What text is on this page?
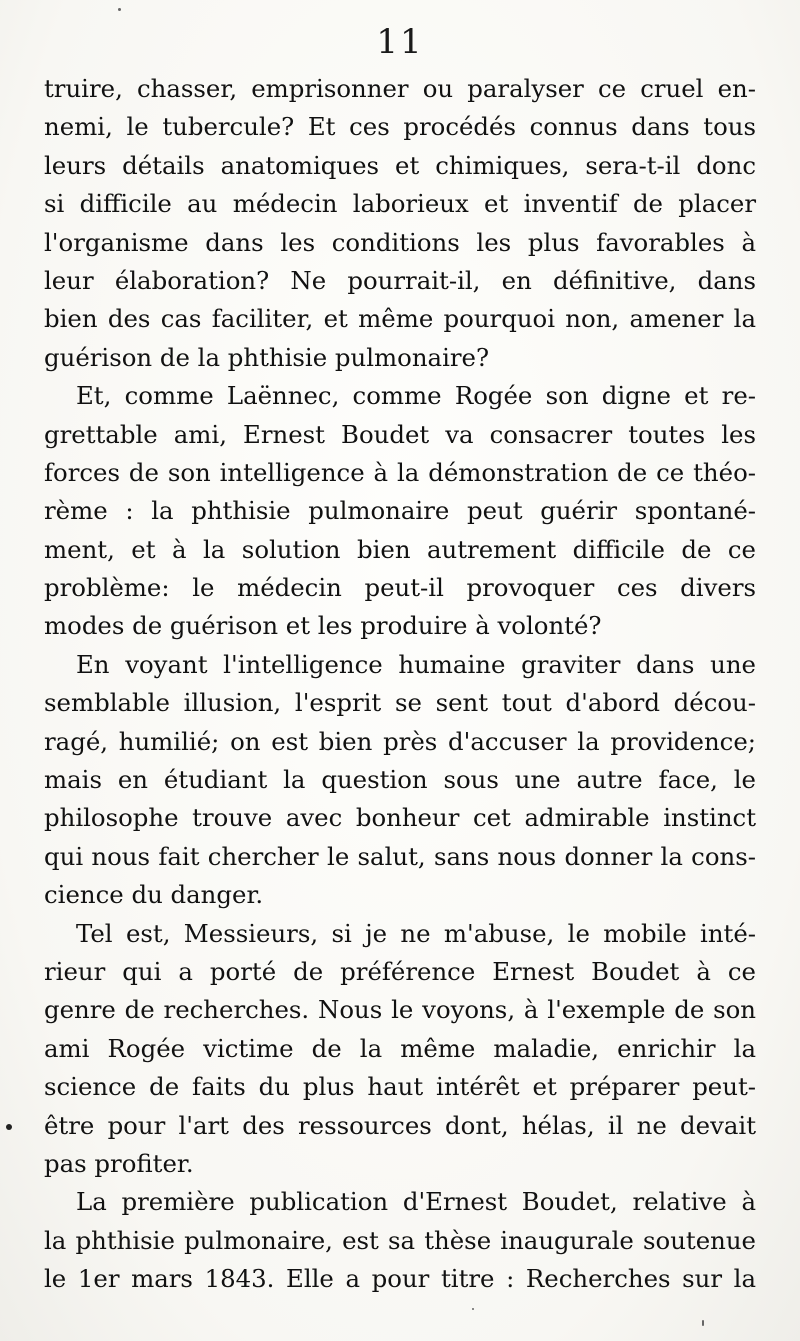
11
truire, chasser, emprisonner ou paralyser ce cruel en-
nemi, le tubercule? Et ces procédés connus dans tous
leurs détails anatomiques et chimiques, sera-t-il donc
si difficile au médecin laborieux et inventif de placer
l'organisme dans les conditions les plus favorables à
leur élaboration? Ne pourrait-il, en définitive, dans
bien des cas faciliter, et même pourquoi non, amener la
guérison de la phthisie pulmonaire?
Et, comme Laënnec, comme Rogée son digne et re-
grettable ami, Ernest Boudet va consacrer toutes les
forces de son intelligence à la démonstration de ce théo-
rème : la phthisie pulmonaire peut guérir spontané-
ment, et à la solution bien autrement difficile de ce
problème: le médecin peut-il provoquer ces divers
modes de guérison et les produire à volonté?
En voyant l'intelligence humaine graviter dans une
semblable illusion, l'esprit se sent tout d'abord décou-
ragé, humilié; on est bien près d'accuser la providence;
mais en étudiant la question sous une autre face, le
philosophe trouve avec bonheur cet admirable instinct
qui nous fait chercher le salut, sans nous donner la cons-
cience du danger.
Tel est, Messieurs, si je ne m'abuse, le mobile inté-
rieur qui a porté de préférence Ernest Boudet à ce
genre de recherches. Nous le voyons, à l'exemple de son
ami Rogée victime de la même maladie, enrichir la
science de faits du plus haut intérêt et préparer peut-
être pour l'art des ressources dont, hélas, il ne devait
pas profiter.
La première publication d'Ernest Boudet, relative à
la phthisie pulmonaire, est sa thèse inaugurale soutenue
le 1er mars 1843. Elle a pour titre : Recherches sur la
